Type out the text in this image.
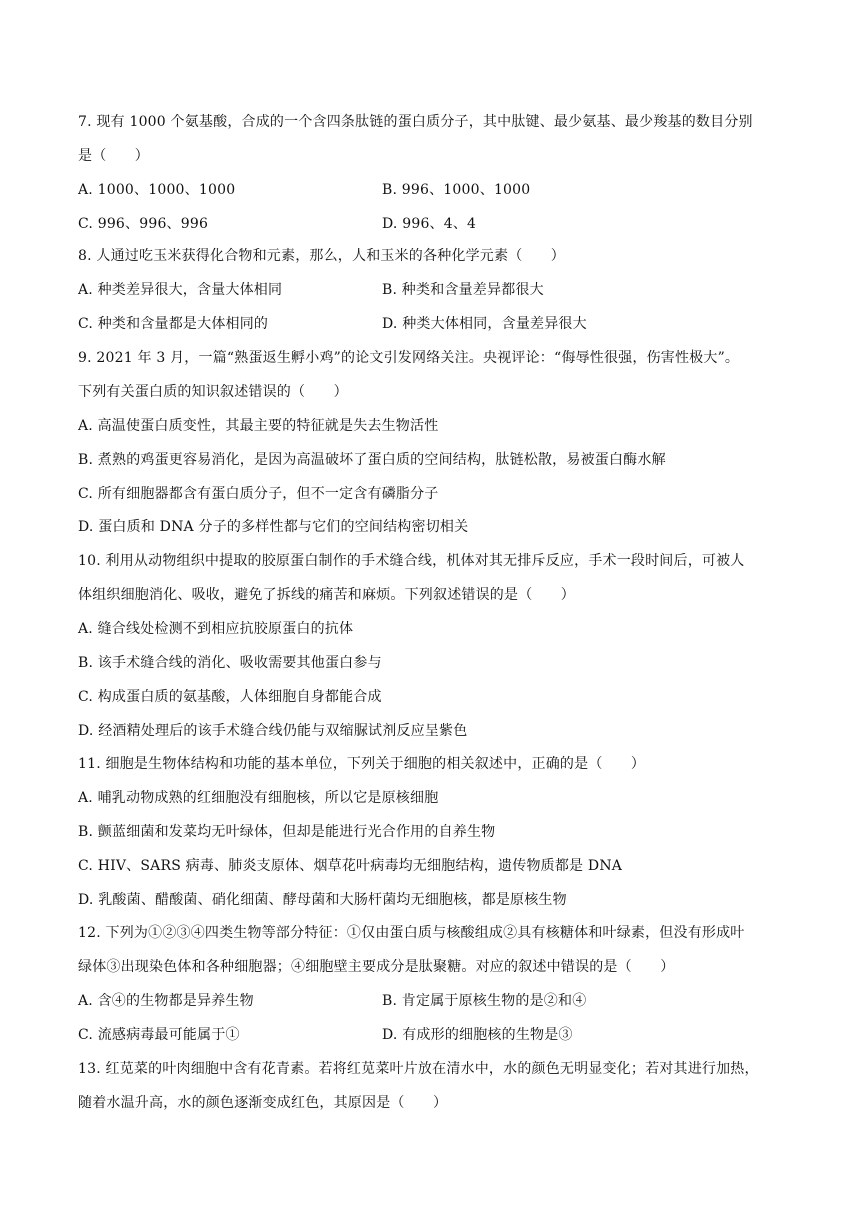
7. 现有 1000 个氨基酸，合成的一个含四条肽链的蛋白质分子，其中肽键、最少氨基、最少羧基的数目分别
是（　　）
A. 1000、1000、1000	B. 996、1000、1000
C. 996、996、996	D. 996、4、4
8. 人通过吃玉米获得化合物和元素，那么，人和玉米的各种化学元素（　　）
A. 种类差异很大，含量大体相同	B. 种类和含量差异都很大
C. 种类和含量都是大体相同的	D. 种类大体相同，含量差异很大
9. 2021 年 3 月，一篇“熟蛋返生孵小鸡”的论文引发网络关注。央视评论：“侮辱性很强，伤害性极大”。
下列有关蛋白质的知识叙述错误的（　　）
A. 高温使蛋白质变性，其最主要的特征就是失去生物活性
B. 煮熟的鸡蛋更容易消化，是因为高温破坏了蛋白质的空间结构，肽链松散，易被蛋白酶水解
C. 所有细胞器都含有蛋白质分子，但不一定含有磷脂分子
D. 蛋白质和 DNA 分子的多样性都与它们的空间结构密切相关
10. 利用从动物组织中提取的胶原蛋白制作的手术缝合线，机体对其无排斥反应，手术一段时间后，可被人
体组织细胞消化、吸收，避免了拆线的痛苦和麻烦。下列叙述错误的是（　　）
A. 缝合线处检测不到相应抗胶原蛋白的抗体
B. 该手术缝合线的消化、吸收需要其他蛋白参与
C. 构成蛋白质的氨基酸，人体细胞自身都能合成
D. 经酒精处理后的该手术缝合线仍能与双缩脲试剂反应呈紫色
11. 细胞是生物体结构和功能的基本单位，下列关于细胞的相关叙述中，正确的是（　　）
A. 哺乳动物成熟的红细胞没有细胞核，所以它是原核细胞
B. 颤蓝细菌和发菜均无叶绿体，但却是能进行光合作用的自养生物
C. HIV、SARS 病毒、肺炎支原体、烟草花叶病毒均无细胞结构，遗传物质都是 DNA
D. 乳酸菌、醋酸菌、硝化细菌、酵母菌和大肠杆菌均无细胞核，都是原核生物
12. 下列为①②③④四类生物等部分特征：①仅由蛋白质与核酸组成②具有核糖体和叶绿素，但没有形成叶
绿体③出现染色体和各种细胞器；④细胞壁主要成分是肽聚糖。对应的叙述中错误的是（　　）
A. 含④的生物都是异养生物	B. 肯定属于原核生物的是②和④
C. 流感病毒最可能属于①	D. 有成形的细胞核的生物是③
13. 红苋菜的叶肉细胞中含有花青素。若将红苋菜叶片放在清水中，水的颜色无明显变化；若对其进行加热，
随着水温升高，水的颜色逐渐变成红色，其原因是（　　）
